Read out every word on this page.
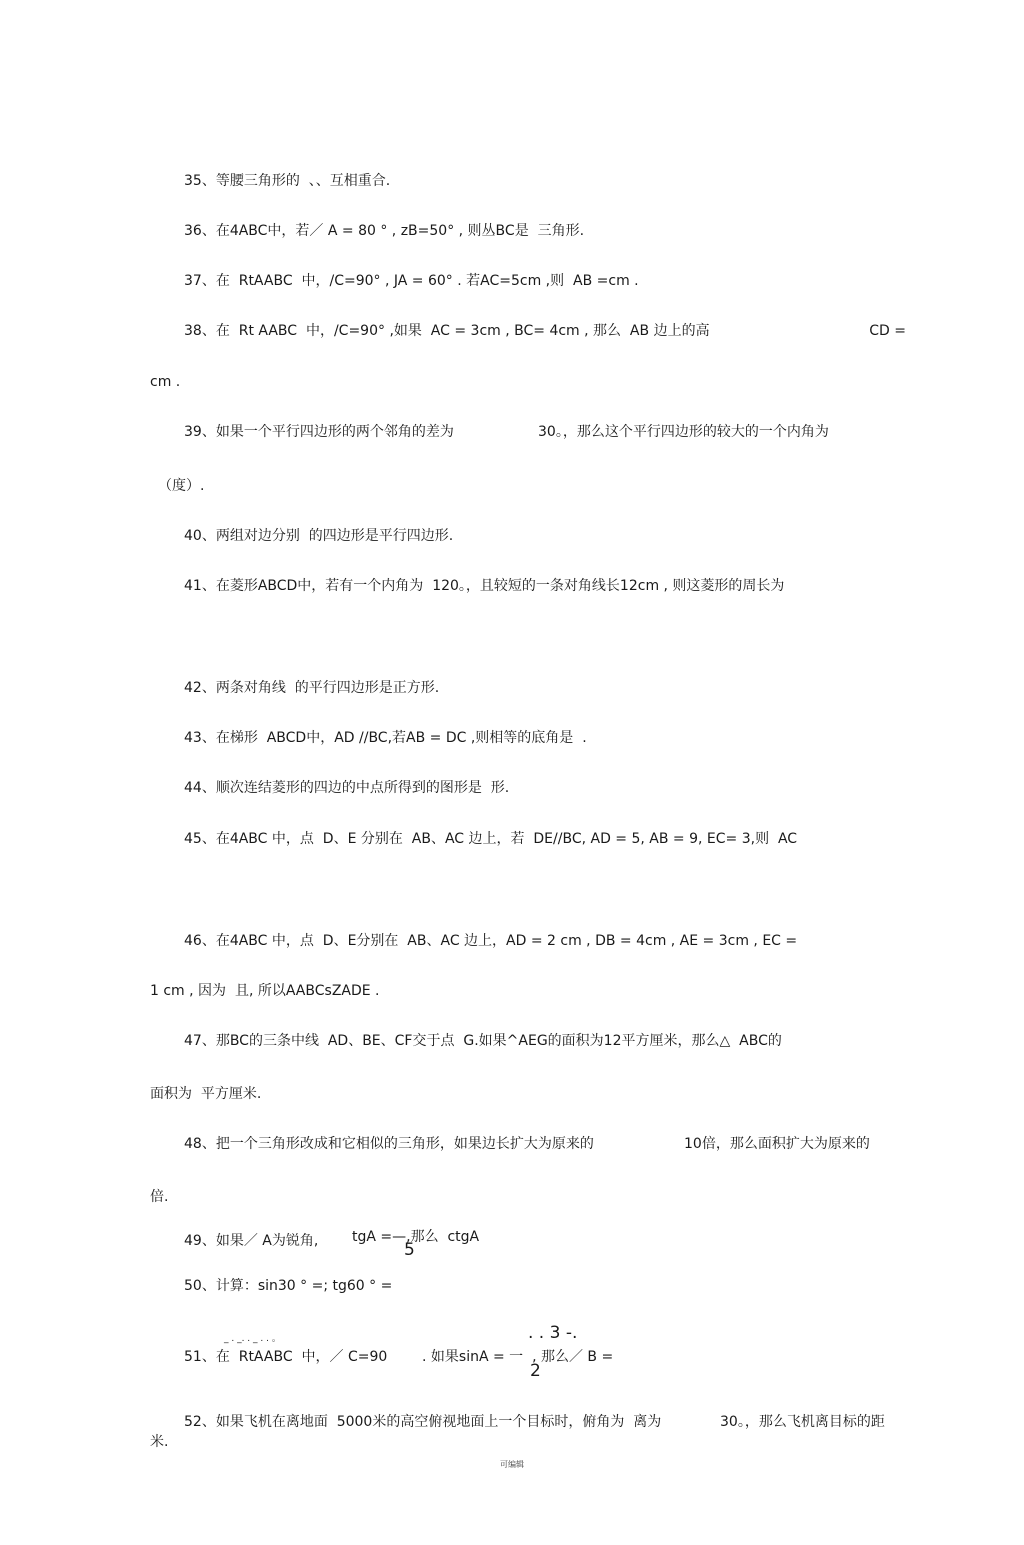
35、等腰三角形的  、、互相重合.
36、在4ABC中，若／ A = 80 ° , zB=50° , 则丛BC是  三角形.
37、在  RtAABC  中，/C=90° , JA = 60° . 若AC=5cm ,则  AB =cm .
38、在  Rt AABC  中，/C=90° ,如果  AC = 3cm , BC= 4cm , 那么  AB 边上的高	CD =
cm .
39、如果一个平行四边形的两个邻角的差为	30。，那么这个平行四边形的较大的一个内角为
（度）.
40、两组对边分别  的四边形是平行四边形.
41、在菱形ABCD中，若有一个内角为  120。，且较短的一条对角线长12cm , 则这菱形的周长为
42、两条对角线  的平行四边形是正方形.
43、在梯形  ABCD中，AD //BC,若AB = DC ,则相等的底角是  .
44、顺次连结菱形的四边的中点所得到的图形是  形.
45、在4ABC 中，点  D、E 分别在  AB、AC 边上，若  DE//BC, AD = 5, AB = 9, EC= 3,则  AC
46、在4ABC 中，点  D、E分别在  AB、AC 边上，AD = 2 cm , DB = 4cm , AE = 3cm , EC =
1 cm , 因为  且, 所以AABCsZADE .
47、那BC的三条中线  AD、BE、CF交于点  G.如果^AEG的面积为12平方厘米，那么△  ABC的
面积为  平方厘米.
48、把一个三角形改成和它相似的三角形，如果边长扩大为原来的	10倍，那么面积扩大为原来的
倍.
49、如果／ A为锐角, tgA =—,那么  ctgA
5
50、计算：sin30 ° =; tg60 ° =
_ . _. . _ . . 。	. . 3 -.
51、在  RtAABC  中，／ C=90 . 如果sinA = 一  , 那么／ B =
2
52、如果飞机在离地面  5000米的高空俯视地面上一个目标时，俯角为  离为	30。，那么飞机离目标的距
米.
可编辑
